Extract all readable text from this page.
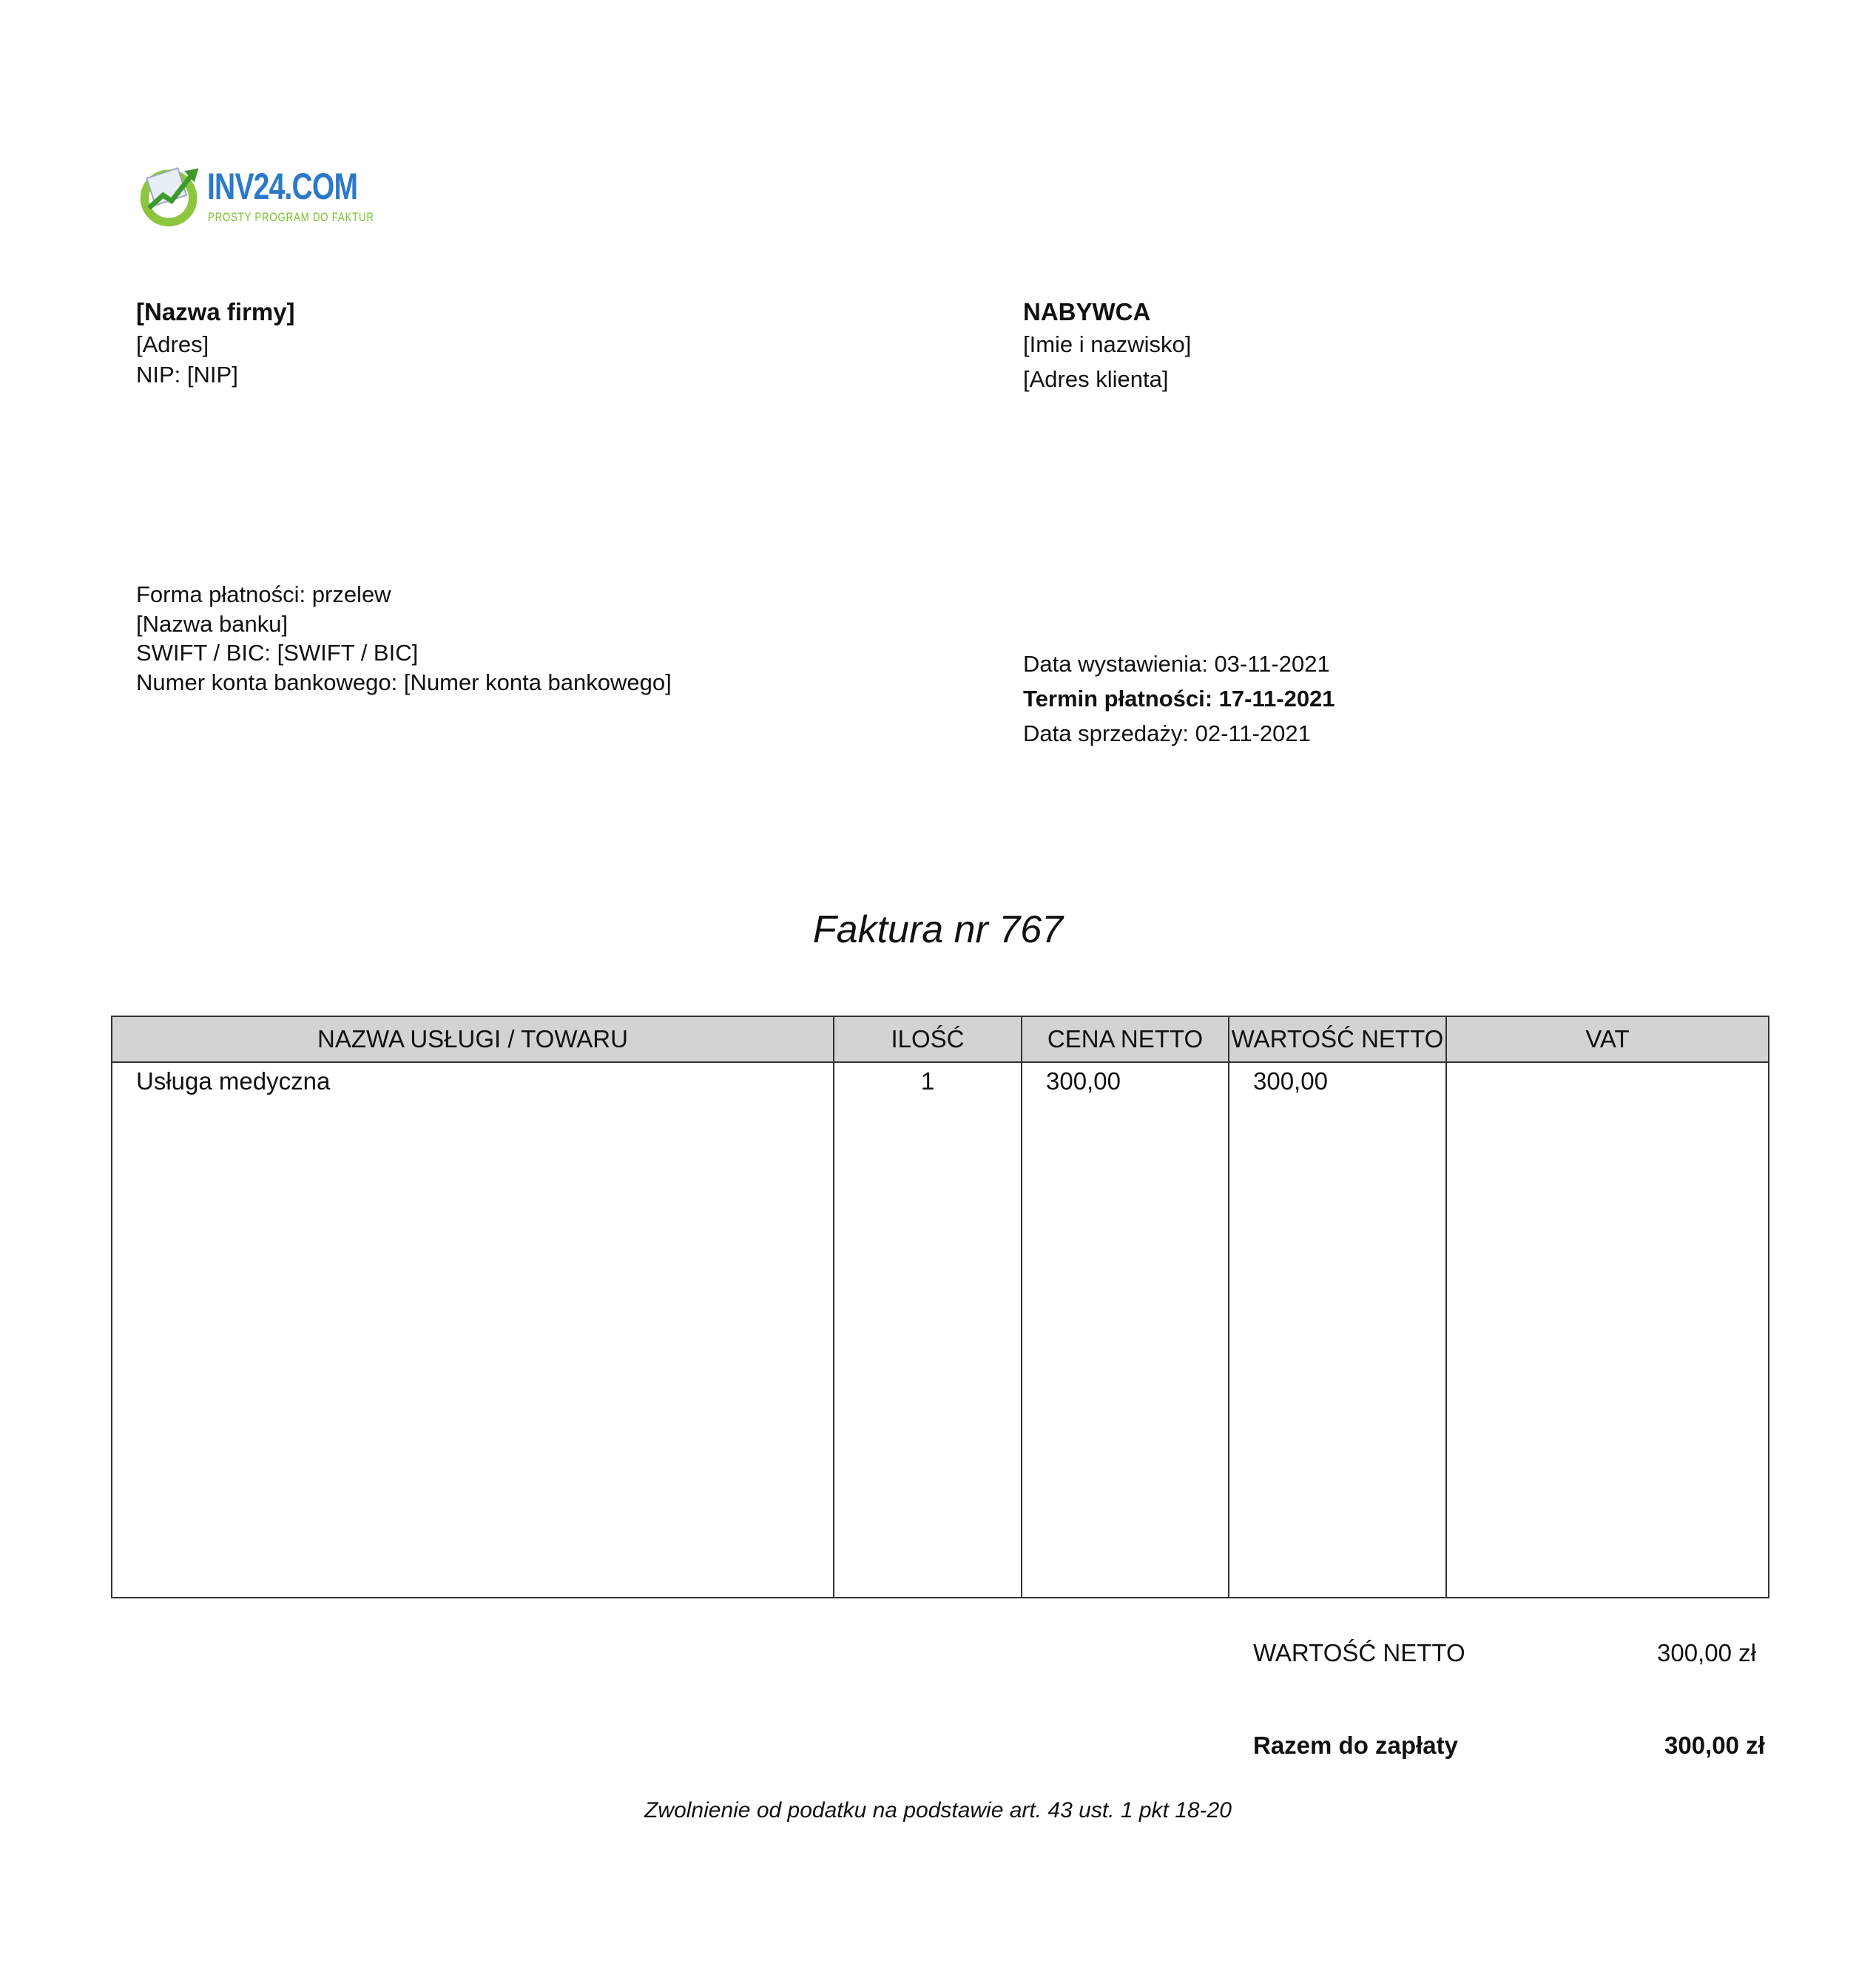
INV24.COM
PROSTY PROGRAM DO FAKTUR
[Nazwa firmy]
[Adres]
NIP: [NIP]
NABYWCA
[Imie i nazwisko]
[Adres klienta]
Forma płatności: przelew
[Nazwa banku]
SWIFT / BIC: [SWIFT / BIC]
Numer konta bankowego: [Numer konta bankowego]
Data wystawienia: 03-11-2021
Termin płatności: 17-11-2021
Data sprzedaży: 02-11-2021
Faktura nr 767
NAZWA USŁUGI / TOWARU	ILOŚĆ	CENA NETTO	WARTOŚĆ NETTO	VAT
Usługa medyczna	1	300,00	300,00	
WARTOŚĆ NETTO	300,00 zł
Razem do zapłaty	300,00 zł
Zwolnienie od podatku na podstawie art. 43 ust. 1 pkt 18-20
